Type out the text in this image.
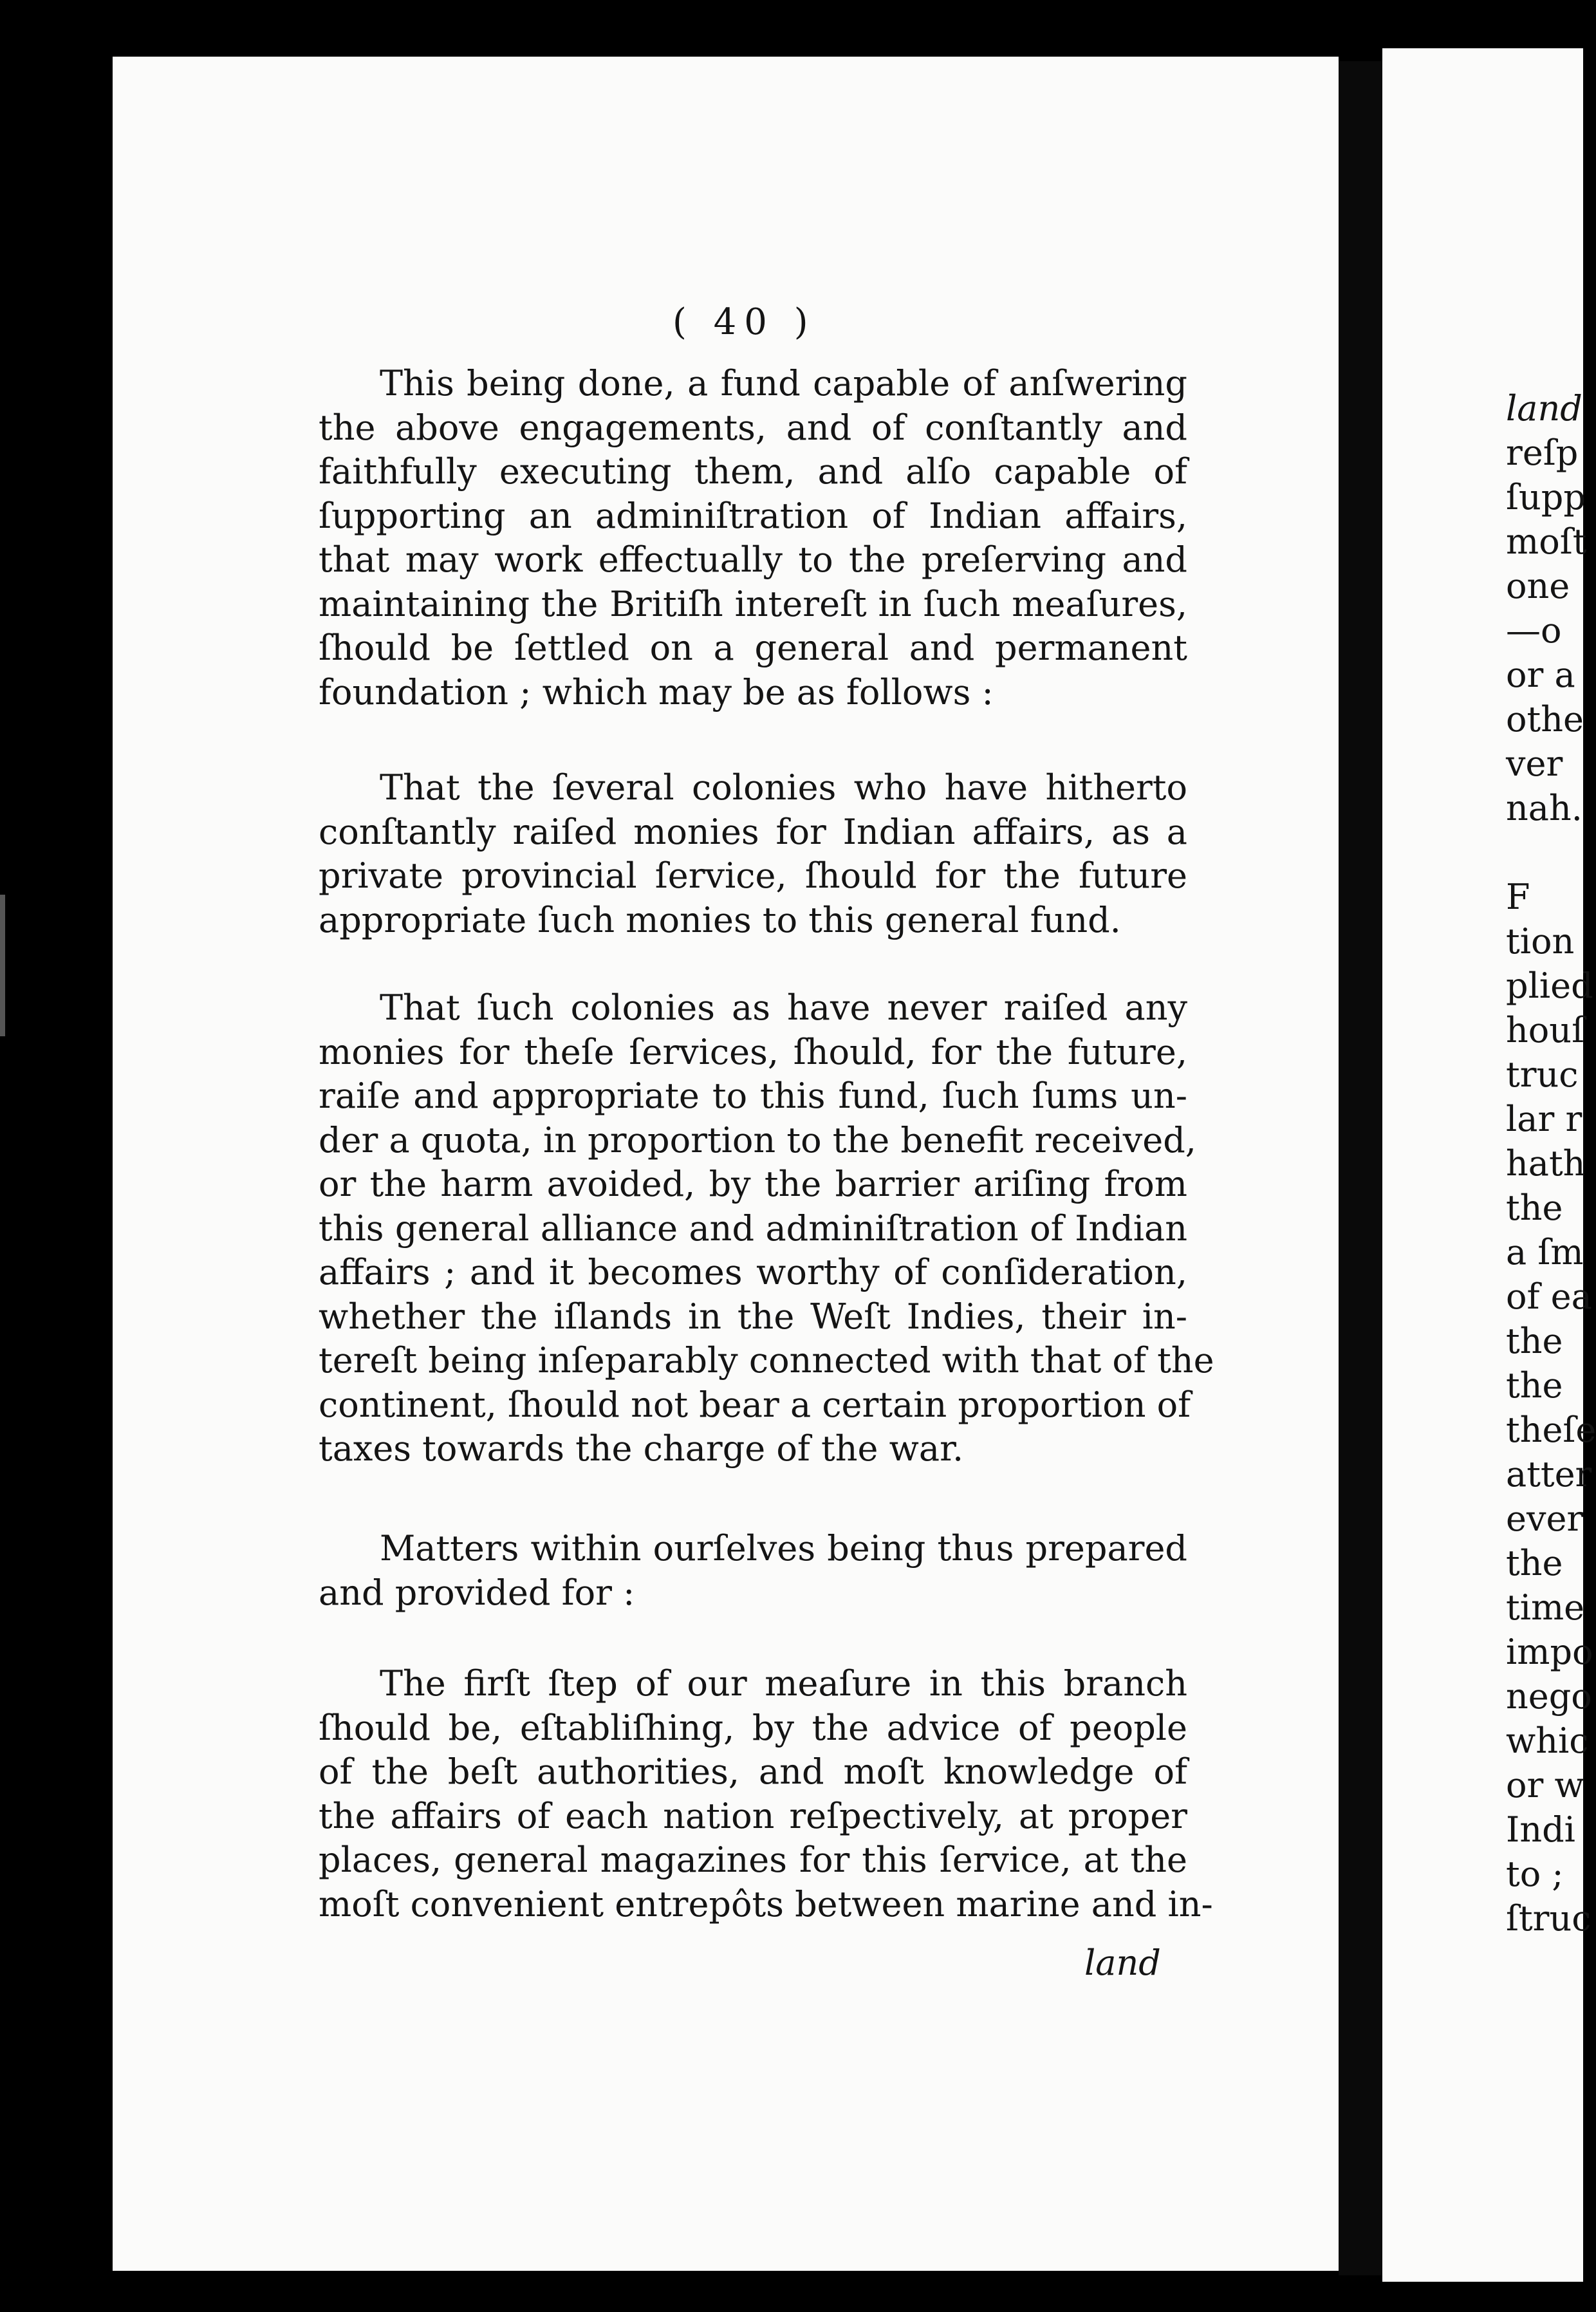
( 40 )
This being done, a fund capable of anſwering
the above engagements, and of conſtantly and
faithfully executing them, and alſo capable of
ſupporting an adminiſtration of Indian affairs,
that may work effectually to the preſerving and
maintaining the Britiſh intereſt in ſuch meaſures,
ſhould be ſettled on a general and permanent
foundation ; which may be as follows :
That the ſeveral colonies who have hitherto
conſtantly raiſed monies for Indian affairs, as a
private provincial ſervice, ſhould for the future
appropriate ſuch monies to this general fund.
That ſuch colonies as have never raiſed any
monies for theſe ſervices, ſhould, for the future,
raiſe and appropriate to this fund, ſuch ſums un-
der a quota, in proportion to the benefit received,
or the harm avoided, by the barrier ariſing from
this general alliance and adminiſtration of Indian
affairs ; and it becomes worthy of conſideration,
whether the iſlands in the Weſt Indies, their in-
tereſt being inſeparably connected with that of the
continent, ſhould not bear a certain proportion of
taxes towards the charge of the war.
Matters within ourſelves being thus prepared
and provided for :
The firſt ſtep of our meaſure in this branch
ſhould be, eſtabliſhing, by the advice of people
of the beſt authorities, and moſt knowledge of
the affairs of each nation reſpectively, at proper
places, general magazines for this ſervice, at the
moſt convenient entrepôts between marine and in-
land
land
reſp
ſupp
moſt
one
—o
or a
othe
ver
nah.
F
tion
plied
houſ
truc
lar r
hath
the
a ſm
of ea
the
the
theſe
atter
ever
the
time
impo
nego
whic
or w
Indi
to ;
ſtruc
